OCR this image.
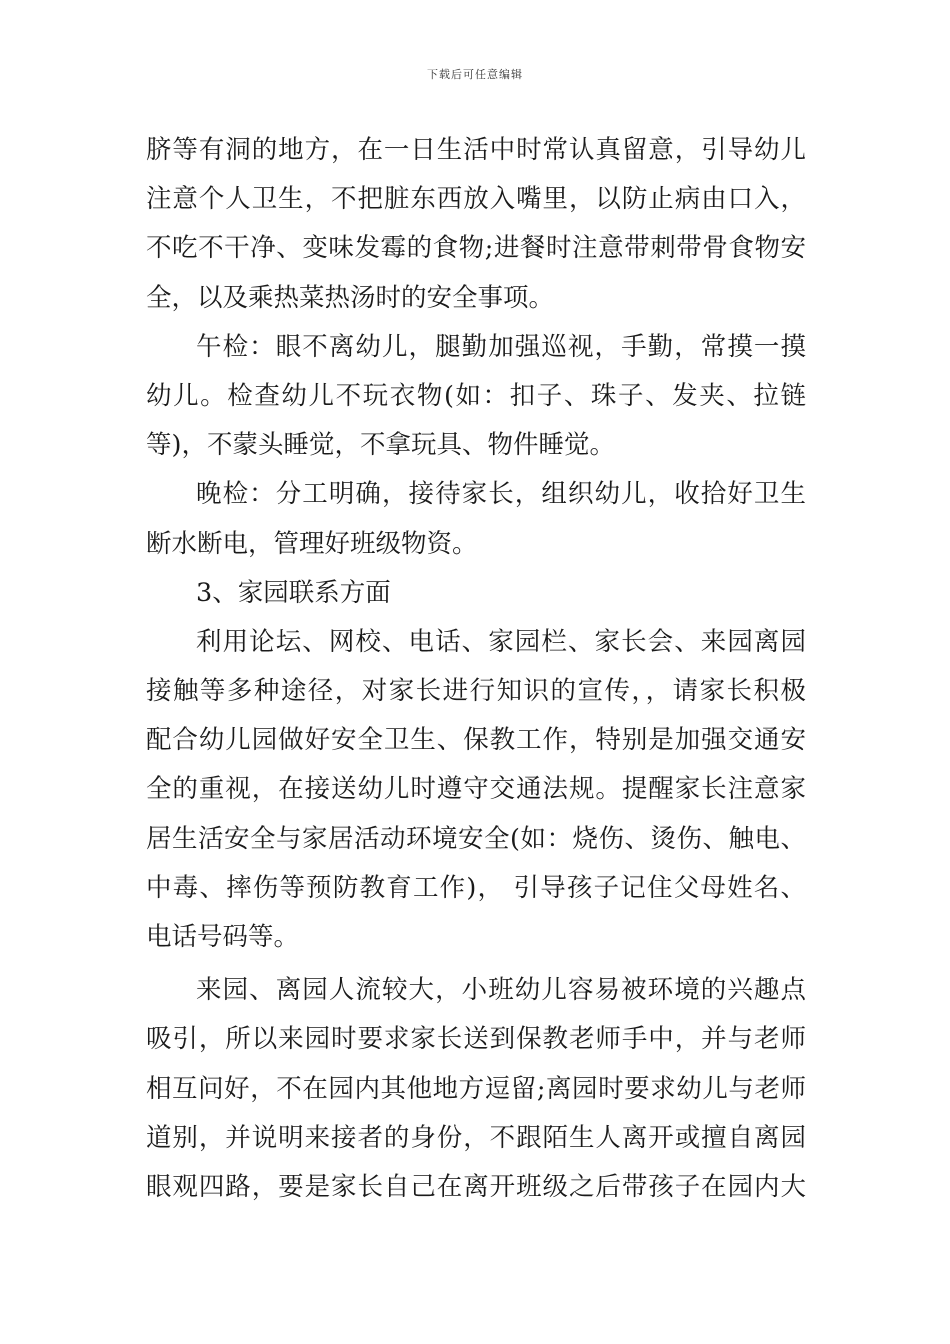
下载后可任意编辑
脐等有洞的地方，在一日生活中时常认真留意，引导幼儿
注意个人卫生，不把脏东西放入嘴里，以防止病由口入，
不吃不干净、变味发霉的食物;进餐时注意带刺带骨食物安
全，以及乘热菜热汤时的安全事项。
午检：眼不离幼儿，腿勤加强巡视，手勤，常摸一摸
幼儿。检查幼儿不玩衣物(如：扣子、珠子、发夹、拉链
等)，不蒙头睡觉，不拿玩具、物件睡觉。
晚检：分工明确，接待家长，组织幼儿，收拾好卫生
断水断电，管理好班级物资。
3、家园联系方面
利用论坛、网校、电话、家园栏、家长会、来园离园
接触等多种途径，对家长进行知识的宣传，，请家长积极
配合幼儿园做好安全卫生、保教工作，特别是加强交通安
全的重视，在接送幼儿时遵守交通法规。提醒家长注意家
居生活安全与家居活动环境安全(如：烧伤、烫伤、触电、
中毒、摔伤等预防教育工作)， 引导孩子记住父母姓名、
电话号码等。
来园、离园人流较大，小班幼儿容易被环境的兴趣点
吸引，所以来园时要求家长送到保教老师手中，并与老师
相互问好，不在园内其他地方逗留;离园时要求幼儿与老师
道别，并说明来接者的身份，不跟陌生人离开或擅自离园
眼观四路，要是家长自己在离开班级之后带孩子在园内大
